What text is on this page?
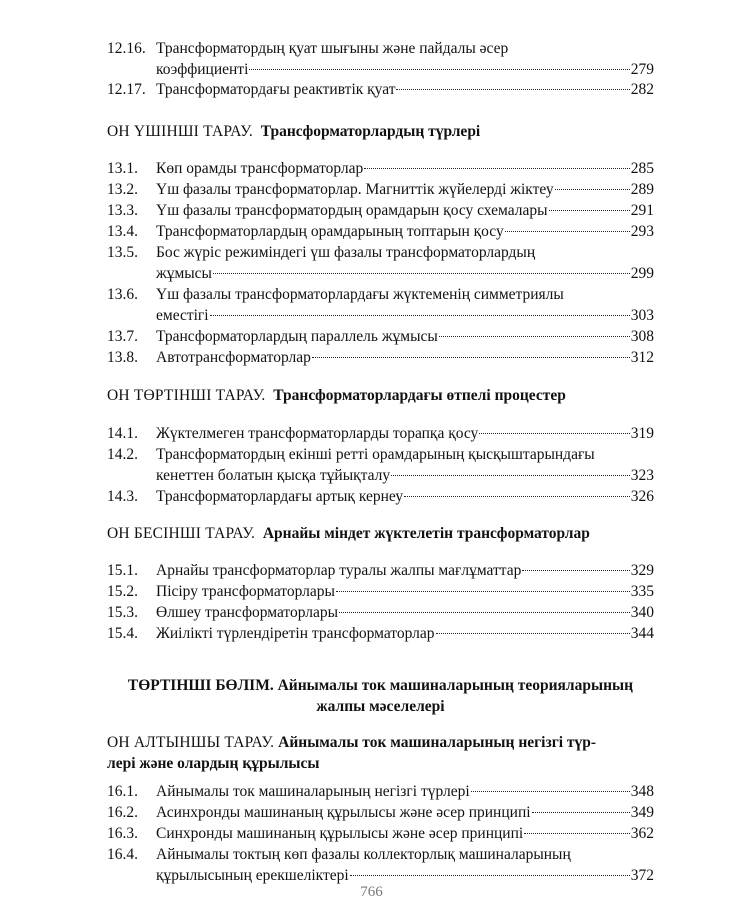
12.16. Трансформатордың қуат шығыны және пайдалы әсер
коэффициенті	279
12.17. Трансформатордағы реактивтік қуат	282
ОН ҮШІНШІ ТАРАУ. Трансформаторлардың түрлері
13.1.	Көп орамды трансформаторлар	285
13.2.	Үш фазалы трансформаторлар. Магниттік жүйелерді жіктеу	289
13.3.	Үш фазалы трансформатордың орамдарын қосу схемалары	291
13.4.	Трансформаторлардың орамдарының топтарын қосу	293
13.5.	Бос жүріс режиміндегі үш фазалы трансформаторлардың
жұмысы	299
13.6.	Үш фазалы трансформаторлардағы жүктеменің симметриялы
еместігі	303
13.7.	Трансформаторлардың параллель жұмысы	308
13.8.	Автотрансформаторлар	312
ОН ТӨРТІНШІ ТАРАУ. Трансформаторлардағы өтпелі процестер
14.1.	Жүктелмеген трансформаторларды торапқа қосу	319
14.2.	Трансформатордың екінші ретті орамдарының қысқыштарындағы
кенеттен болатын қысқа тұйықталу	323
14.3.	Трансформаторлардағы артық кернеу	326
ОН БЕСІНШІ ТАРАУ. Арнайы міндет жүктелетін трансформаторлар
15.1.	Арнайы трансформаторлар туралы жалпы мағлұматтар	329
15.2.	Пісіру трансформаторлары	335
15.3.	Өлшеу трансформаторлары	340
15.4.	Жиілікті түрлендіретін трансформаторлар	344
ТӨРТІНШІ БӨЛІМ. Айнымалы ток машиналарының теорияларының
жалпы мәселелері
ОН АЛТЫНШЫ ТАРАУ. Айнымалы ток машиналарының негізгі түр-
лері және олардың құрылысы
16.1.	Айнымалы ток машиналарының негізгі түрлері	348
16.2.	Асинхронды машинаның құрылысы және әсер принципі	349
16.3.	Синхронды машинаның құрылысы және әсер принципі	362
16.4.	Айнымалы токтың көп фазалы коллекторлық машиналарының
құрылысының ерекшеліктері	372
766
